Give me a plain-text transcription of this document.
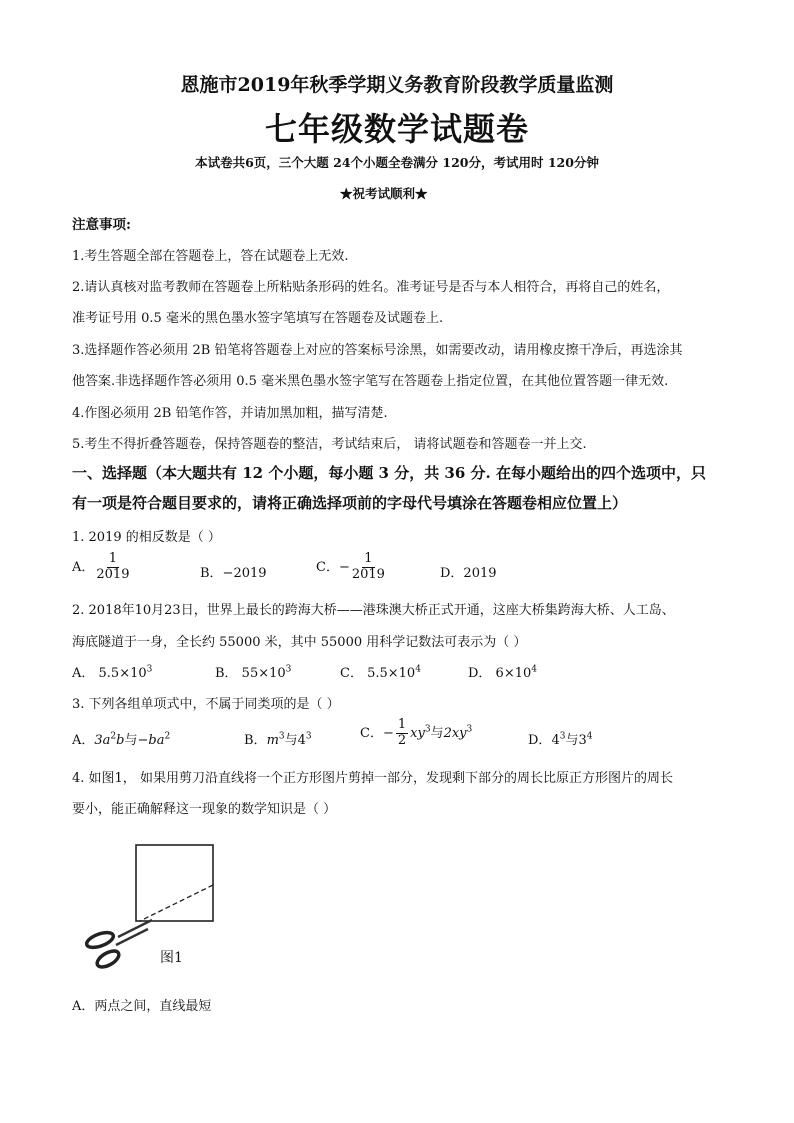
恩施市2019年秋季学期义务教育阶段教学质量监测
七年级数学试题卷
本试卷共6页，三个大题 24个小题全卷满分 120分，考试用时 120分钟
★祝考试顺利★
注意事项:
1.考生答题全部在答题卷上，答在试题卷上无效.
2.请认真核对监考教师在答题卷上所粘贴条形码的姓名。准考证号是否与本人相符合，再将自己的姓名，
准考证号用 0.5 毫米的黑色墨水签字笔填写在答题卷及试题卷上.
3.选择题作答必须用 2B 铅笔将答题卷上对应的答案标号涂黑，如需要改动，请用橡皮擦干净后，再选涂其
他答案.非选择题作答必须用 0.5 毫米黑色墨水签字笔写在答题卷上指定位置，在其他位置答题一律无效.
4.作图必须用 2B 铅笔作答，并请加黑加粗，描写清楚.
5.考生不得折叠答题卷，保持答题卷的整洁，考试结束后， 请将试题卷和答题卷一并上交.
一、选择题（本大题共有 12 个小题，每小题 3 分，共 36 分. 在每小题给出的四个选项中，只
有一项是符合题目要求的，请将正确选择项前的字母代号填涂在答题卷相应位置上）
1. 2019 的相反数是（ ）
A． $\frac{1}{2019}$	B．−2019	C．− $\frac{1}{2019}$	D．2019
2. 2018年10月23日，世界上最长的跨海大桥——港珠澳大桥正式开通，这座大桥集跨海大桥、人工岛、
海底隧道于一身，全长约 55000 米，其中 55000 用科学记数法可表示为（ ）
A． $5.5\times 10^3$	B． $55\times 10^3$	C． $5.5\times 10^4$	D． $6\times 10^4$
3. 下列各组单项式中，不属于同类项的是（ ）
A．$3a^2b$与$-ba^2$	B．$m^3$与$4^3$	C．− $\frac{1}{2} xy^3$与$2xy^3$
D．$4^3$与$3^4$
4. 如图1， 如果用剪刀沿直线将一个正方形图片剪掉一部分，发现剩下部分的周长比原正方形图片的周长
要小，能正确解释这一现象的数学知识是（ ）
图1
A．两点之间，直线最短
